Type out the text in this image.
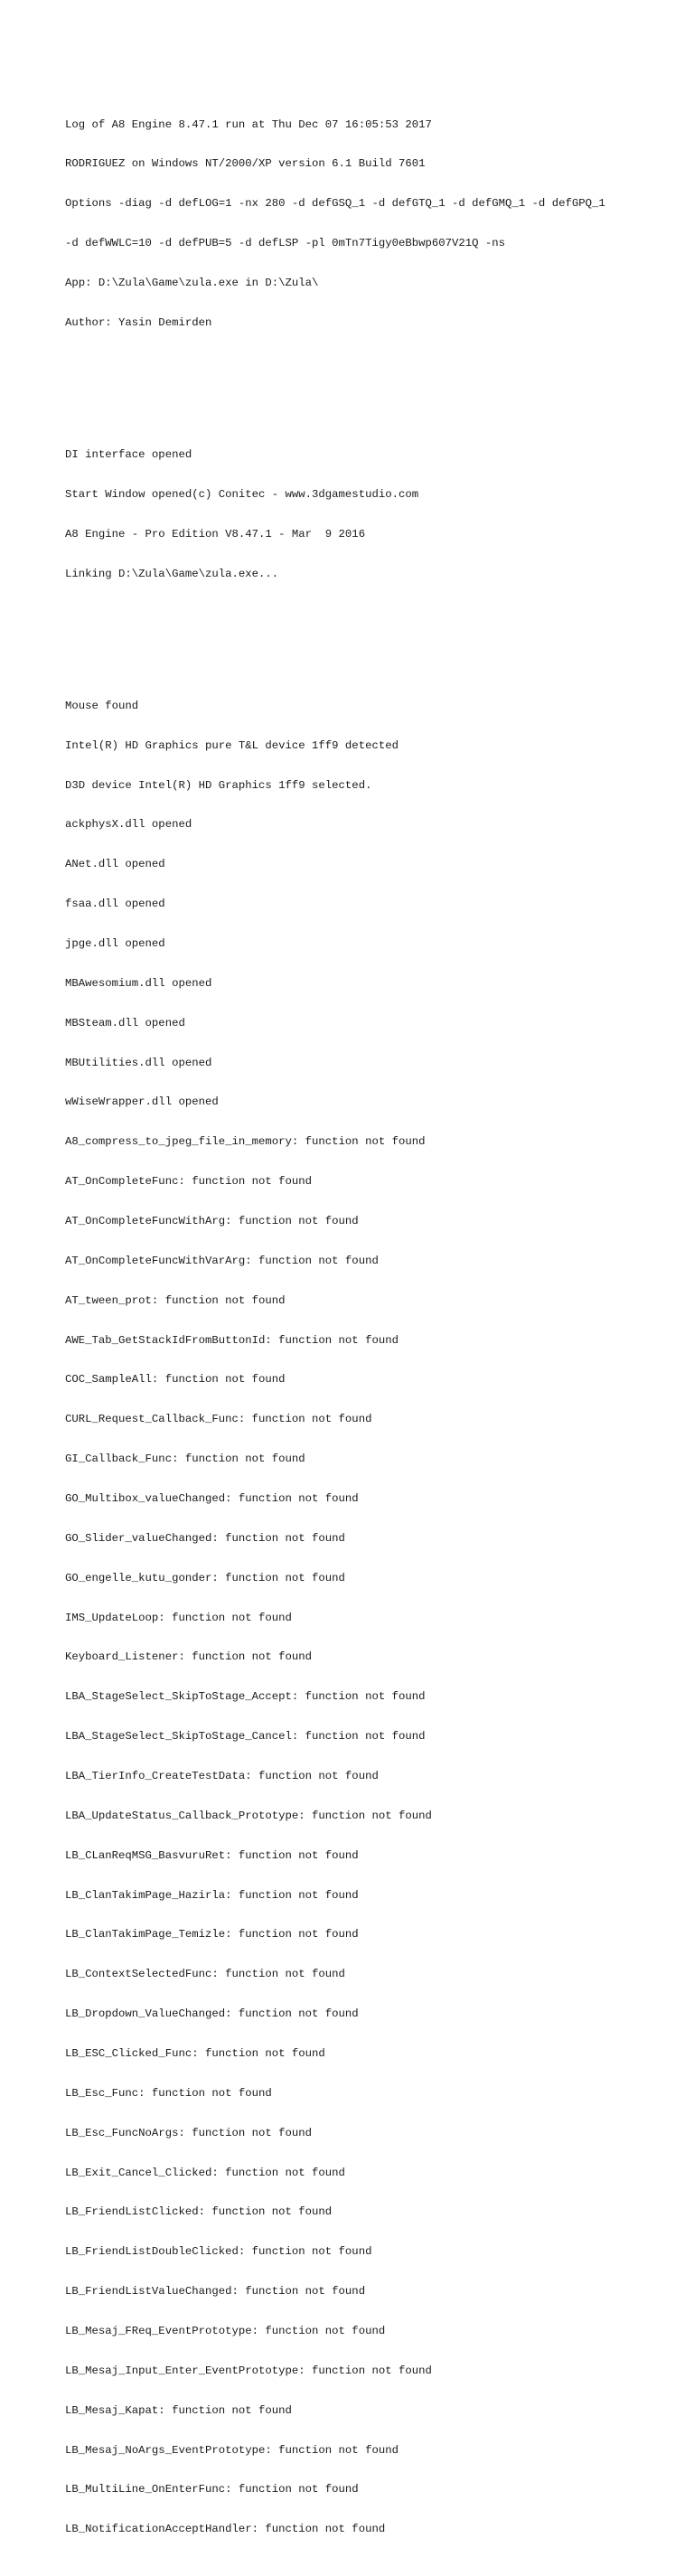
Log of A8 Engine 8.47.1 run at Thu Dec 07 16:05:53 2017

RODRIGUEZ on Windows NT/2000/XP version 6.1 Build 7601

Options -diag -d defLOG=1 -nx 280 -d defGSQ_1 -d defGTQ_1 -d defGMQ_1 -d defGPQ_1

-d defWWLC=10 -d defPUB=5 -d defLSP -pl 0mTn7Tigy0eBbwp607V21Q -ns

App: D:\Zula\Game\zula.exe in D:\Zula\

Author: Yasin Demirden

DI interface opened

Start Window opened(c) Conitec - www.3dgamestudio.com

A8 Engine - Pro Edition V8.47.1 - Mar  9 2016

Linking D:\Zula\Game\zula.exe...

Mouse found

Intel(R) HD Graphics pure T&L device 1ff9 detected

D3D device Intel(R) HD Graphics 1ff9 selected.

ackphysX.dll opened

ANet.dll opened

fsaa.dll opened

jpge.dll opened

MBAwesomium.dll opened

MBSteam.dll opened

MBUtilities.dll opened

wWiseWrapper.dll opened

A8_compress_to_jpeg_file_in_memory: function not found

AT_OnCompleteFunc: function not found

AT_OnCompleteFuncWithArg: function not found

AT_OnCompleteFuncWithVarArg: function not found

AT_tween_prot: function not found

AWE_Tab_GetStackIdFromButtonId: function not found

COC_SampleAll: function not found

CURL_Request_Callback_Func: function not found

GI_Callback_Func: function not found

GO_Multibox_valueChanged: function not found

GO_Slider_valueChanged: function not found

GO_engelle_kutu_gonder: function not found

IMS_UpdateLoop: function not found

Keyboard_Listener: function not found

LBA_StageSelect_SkipToStage_Accept: function not found

LBA_StageSelect_SkipToStage_Cancel: function not found

LBA_TierInfo_CreateTestData: function not found

LBA_UpdateStatus_Callback_Prototype: function not found

LB_CLanReqMSG_BasvuruRet: function not found

LB_ClanTakimPage_Hazirla: function not found

LB_ClanTakimPage_Temizle: function not found

LB_ContextSelectedFunc: function not found

LB_Dropdown_ValueChanged: function not found

LB_ESC_Clicked_Func: function not found

LB_Esc_Func: function not found

LB_Esc_FuncNoArgs: function not found

LB_Exit_Cancel_Clicked: function not found

LB_FriendListClicked: function not found

LB_FriendListDoubleClicked: function not found

LB_FriendListValueChanged: function not found

LB_Mesaj_FReq_EventPrototype: function not found

LB_Mesaj_Input_Enter_EventPrototype: function not found

LB_Mesaj_Kapat: function not found

LB_Mesaj_NoArgs_EventPrototype: function not found

LB_MultiLine_OnEnterFunc: function not found

LB_NotificationAcceptHandler: function not found
